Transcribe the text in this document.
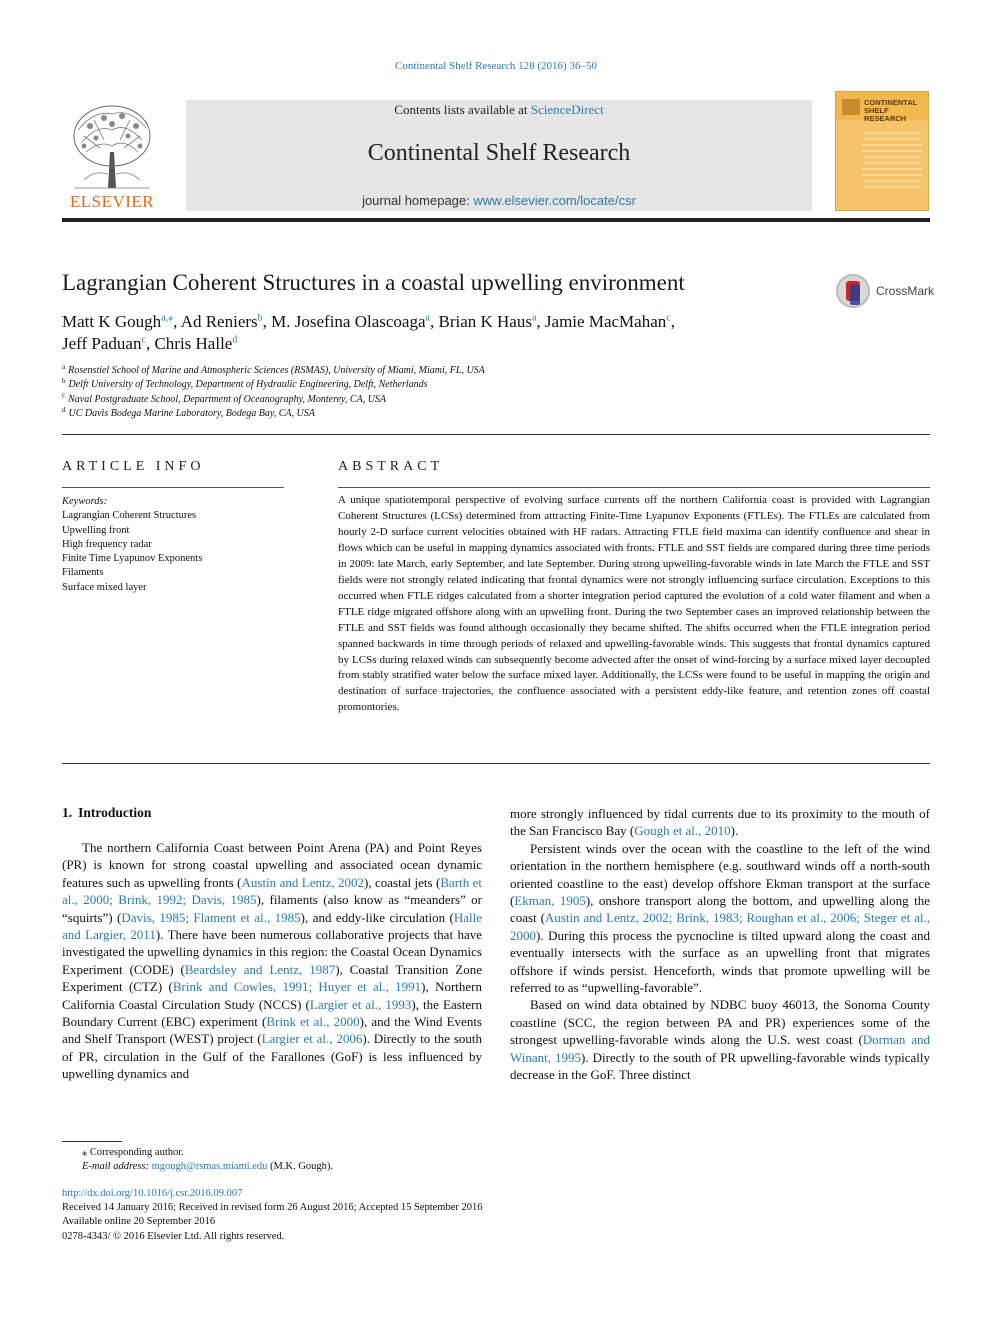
Continental Shelf Research 128 (2016) 36–50
ELSEVIER
Contents lists available at ScienceDirect
Continental Shelf Research
journal homepage: www.elsevier.com/locate/csr
CONTINENTAL
SHELF RESEARCH
Lagrangian Coherent Structures in a coastal upwelling environment	CrossMark
Matt K Gough$^{a,⁎}$, Ad Reniers$^b$, M. Josefina Olascoaga$^a$, Brian K Haus$^a$, Jamie MacMahan$^c$,
Jeff Paduan$^c$, Chris Halle$^d$
$^a$ Rosenstiel School of Marine and Atmospheric Sciences (RSMAS), University of Miami, Miami, FL, USA
$^b$ Delft University of Technology, Department of Hydraulic Engineering, Delft, Netherlands
$^c$ Naval Postgraduate School, Department of Oceanography, Monterey, CA, USA
$^d$ UC Davis Bodega Marine Laboratory, Bodega Bay, CA, USA
ARTICLE INFO	ABSTRACT
Keywords:
Lagrangian Coherent Structures
Upwelling front
High frequency radar
Finite Time Lyapunov Exponents
Filaments
Surface mixed layer
A unique spatiotemporal perspective of evolving surface currents off the northern California coast is provided with Lagrangian Coherent Structures (LCSs) determined from attracting Finite-Time Lyapunov Exponents (FTLEs). The FTLEs are calculated from hourly 2-D surface current velocities obtained with HF radars. Attracting FTLE field maxima can identify confluence and shear in flows which can be useful in mapping dynamics associated with fronts. FTLE and SST fields are compared during three time periods in 2009: late March, early September, and late September. During strong upwelling-favorable winds in late March the FTLE and SST fields were not strongly related indicating that frontal dynamics were not strongly influencing surface circulation. Exceptions to this occurred when FTLE ridges calculated from a shorter integration period captured the evolution of a cold water filament and when a FTLE ridge migrated offshore along with an upwelling front. During the two September cases an improved relationship between the FTLE and SST fields was found although occasionally they became shifted. The shifts occurred when the FTLE integration period spanned backwards in time through periods of relaxed and upwelling-favorable winds. This suggests that frontal dynamics captured by LCSs during relaxed winds can subsequently become advected after the onset of wind-forcing by a surface mixed layer decoupled from stably stratified water below the surface mixed layer. Additionally, the LCSs were found to be useful in mapping the origin and destination of surface trajectories, the confluence associated with a persistent eddy-like feature, and retention zones off coastal promontories.
1. Introduction

The northern California Coast between Point Arena (PA) and Point Reyes (PR) is known for strong coastal upwelling and associated ocean dynamic features such as upwelling fronts (Austin and Lentz, 2002), coastal jets (Barth et al., 2000; Brink, 1992; Davis, 1985), filaments (also know as “meanders” or “squirts”) (Davis, 1985; Flament et al., 1985), and eddy-like circulation (Halle and Largier, 2011). There have been numerous collaborative projects that have investigated the upwelling dynamics in this region: the Coastal Ocean Dynamics Experiment (CODE) (Beardsley and Lentz, 1987), Coastal Transition Zone Experiment (CTZ) (Brink and Cowles, 1991; Huyer et al., 1991), Northern California Coastal Circulation Study (NCCS) (Largier et al., 1993), the Eastern Boundary Current (EBC) experiment (Brink et al., 2000), and the Wind Events and Shelf Transport (WEST) project (Largier et al., 2006). Directly to the south of PR, circulation in the Gulf of the Farallones (GoF) is less influenced by upwelling dynamics and

more strongly influenced by tidal currents due to its proximity to the mouth of the San Francisco Bay (Gough et al., 2010).

Persistent winds over the ocean with the coastline to the left of the wind orientation in the northern hemisphere (e.g. southward winds off a north-south oriented coastline to the east) develop offshore Ekman transport at the surface (Ekman, 1905), onshore transport along the bottom, and upwelling along the coast (Austin and Lentz, 2002; Brink, 1983; Roughan et al., 2006; Steger et al., 2000). During this process the pycnocline is tilted upward along the coast and eventually intersects with the surface as an upwelling front that migrates offshore if winds persist. Henceforth, winds that promote upwelling will be referred to as “upwelling-favorable”.

Based on wind data obtained by NDBC buoy 46013, the Sonoma County coastline (SCC, the region between PA and PR) experiences some of the strongest upwelling-favorable winds along the U.S. west coast (Dorman and Winant, 1995). Directly to the south of PR upwelling-favorable winds typically decrease in the GoF. Three distinct

⁎ Corresponding author.
E-mail address: mgough@rsmas.miami.edu (M.K. Gough).
http://dx.doi.org/10.1016/j.csr.2016.09.007
Received 14 January 2016; Received in revised form 26 August 2016; Accepted 15 September 2016
Available online 20 September 2016
0278-4343/ © 2016 Elsevier Ltd. All rights reserved.
